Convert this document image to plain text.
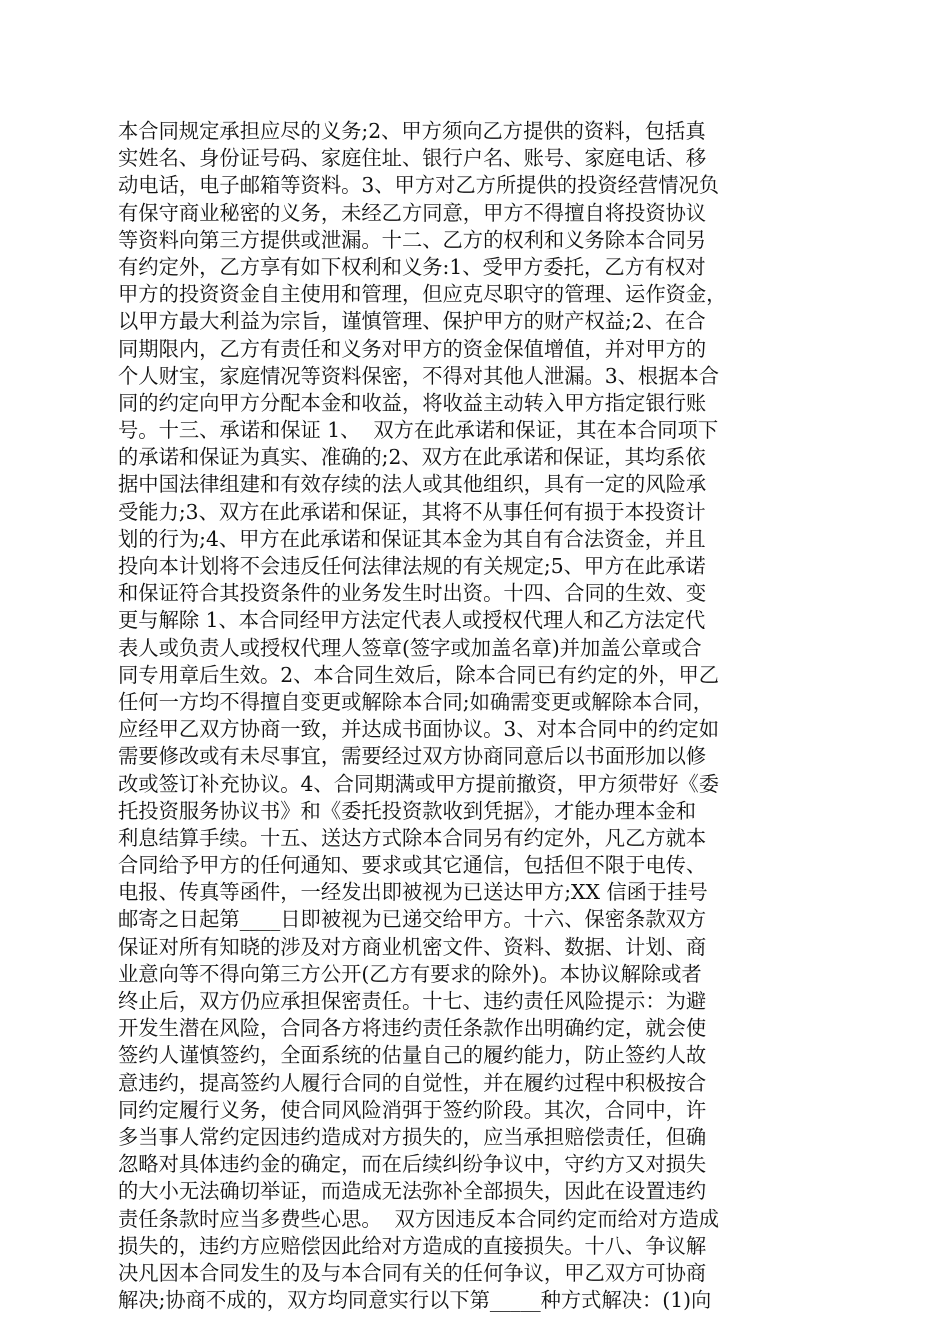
本合同规定承担应尽的义务;2、甲方须向乙方提供的资料，包括真
实姓名、身份证号码、家庭住址、银行户名、账号、家庭电话、移
动电话，电子邮箱等资料。3、甲方对乙方所提供的投资经营情况负
有保守商业秘密的义务，未经乙方同意，甲方不得擅自将投资协议
等资料向第三方提供或泄漏。十二、乙方的权利和义务除本合同另
有约定外，乙方享有如下权利和义务:1、受甲方委托，乙方有权对
甲方的投资资金自主使用和管理，但应克尽职守的管理、运作资金，
以甲方最大利益为宗旨，谨慎管理、保护甲方的财产权益;2、在合
同期限内，乙方有责任和义务对甲方的资金保值增值，并对甲方的
个人财宝，家庭情况等资料保密，不得对其他人泄漏。3、根据本合
同的约定向甲方分配本金和收益，将收益主动转入甲方指定银行账
号。十三、承诺和保证 1、  双方在此承诺和保证，其在本合同项下
的承诺和保证为真实、准确的;2、双方在此承诺和保证，其均系依
据中国法律组建和有效存续的法人或其他组织，具有一定的风险承
受能力;3、双方在此承诺和保证，其将不从事任何有损于本投资计
划的行为;4、甲方在此承诺和保证其本金为其自有合法资金，并且
投向本计划将不会违反任何法律法规的有关规定;5、甲方在此承诺
和保证符合其投资条件的业务发生时出资。十四、合同的生效、变
更与解除 1、本合同经甲方法定代表人或授权代理人和乙方法定代
表人或负责人或授权代理人签章(签字或加盖名章)并加盖公章或合
同专用章后生效。2、本合同生效后，除本合同已有约定的外，甲乙
任何一方均不得擅自变更或解除本合同;如确需变更或解除本合同，
应经甲乙双方协商一致，并达成书面协议。3、对本合同中的约定如
需要修改或有未尽事宜，需要经过双方协商同意后以书面形加以修
改或签订补充协议。4、合同期满或甲方提前撤资，甲方须带好《委
托投资服务协议书》和《委托投资款收到凭据》，才能办理本金和
利息结算手续。十五、送达方式除本合同另有约定外，凡乙方就本
合同给予甲方的任何通知、要求或其它通信，包括但不限于电传、
电报、传真等函件，一经发出即被视为已送达甲方;XX 信函于挂号
邮寄之日起第____日即被视为已递交给甲方。十六、保密条款双方
保证对所有知晓的涉及对方商业机密文件、资料、数据、计划、商
业意向等不得向第三方公开(乙方有要求的除外)。本协议解除或者
终止后，双方仍应承担保密责任。十七、违约责任风险提示：为避
开发生潜在风险，合同各方将违约责任条款作出明确约定，就会使
签约人谨慎签约，全面系统的估量自己的履约能力，防止签约人故
意违约，提高签约人履行合同的自觉性，并在履约过程中积极按合
同约定履行义务，使合同风险消弭于签约阶段。其次，合同中，许
多当事人常约定因违约造成对方损失的，应当承担赔偿责任，但确
忽略对具体违约金的确定，而在后续纠纷争议中，守约方又对损失
的大小无法确切举证，而造成无法弥补全部损失，因此在设置违约
责任条款时应当多费些心思。  双方因违反本合同约定而给对方造成
损失的，违约方应赔偿因此给对方造成的直接损失。十八、争议解
决凡因本合同发生的及与本合同有关的任何争议，甲乙双方可协商
解决;协商不成的，双方均同意实行以下第_____种方式解决：(1)向
